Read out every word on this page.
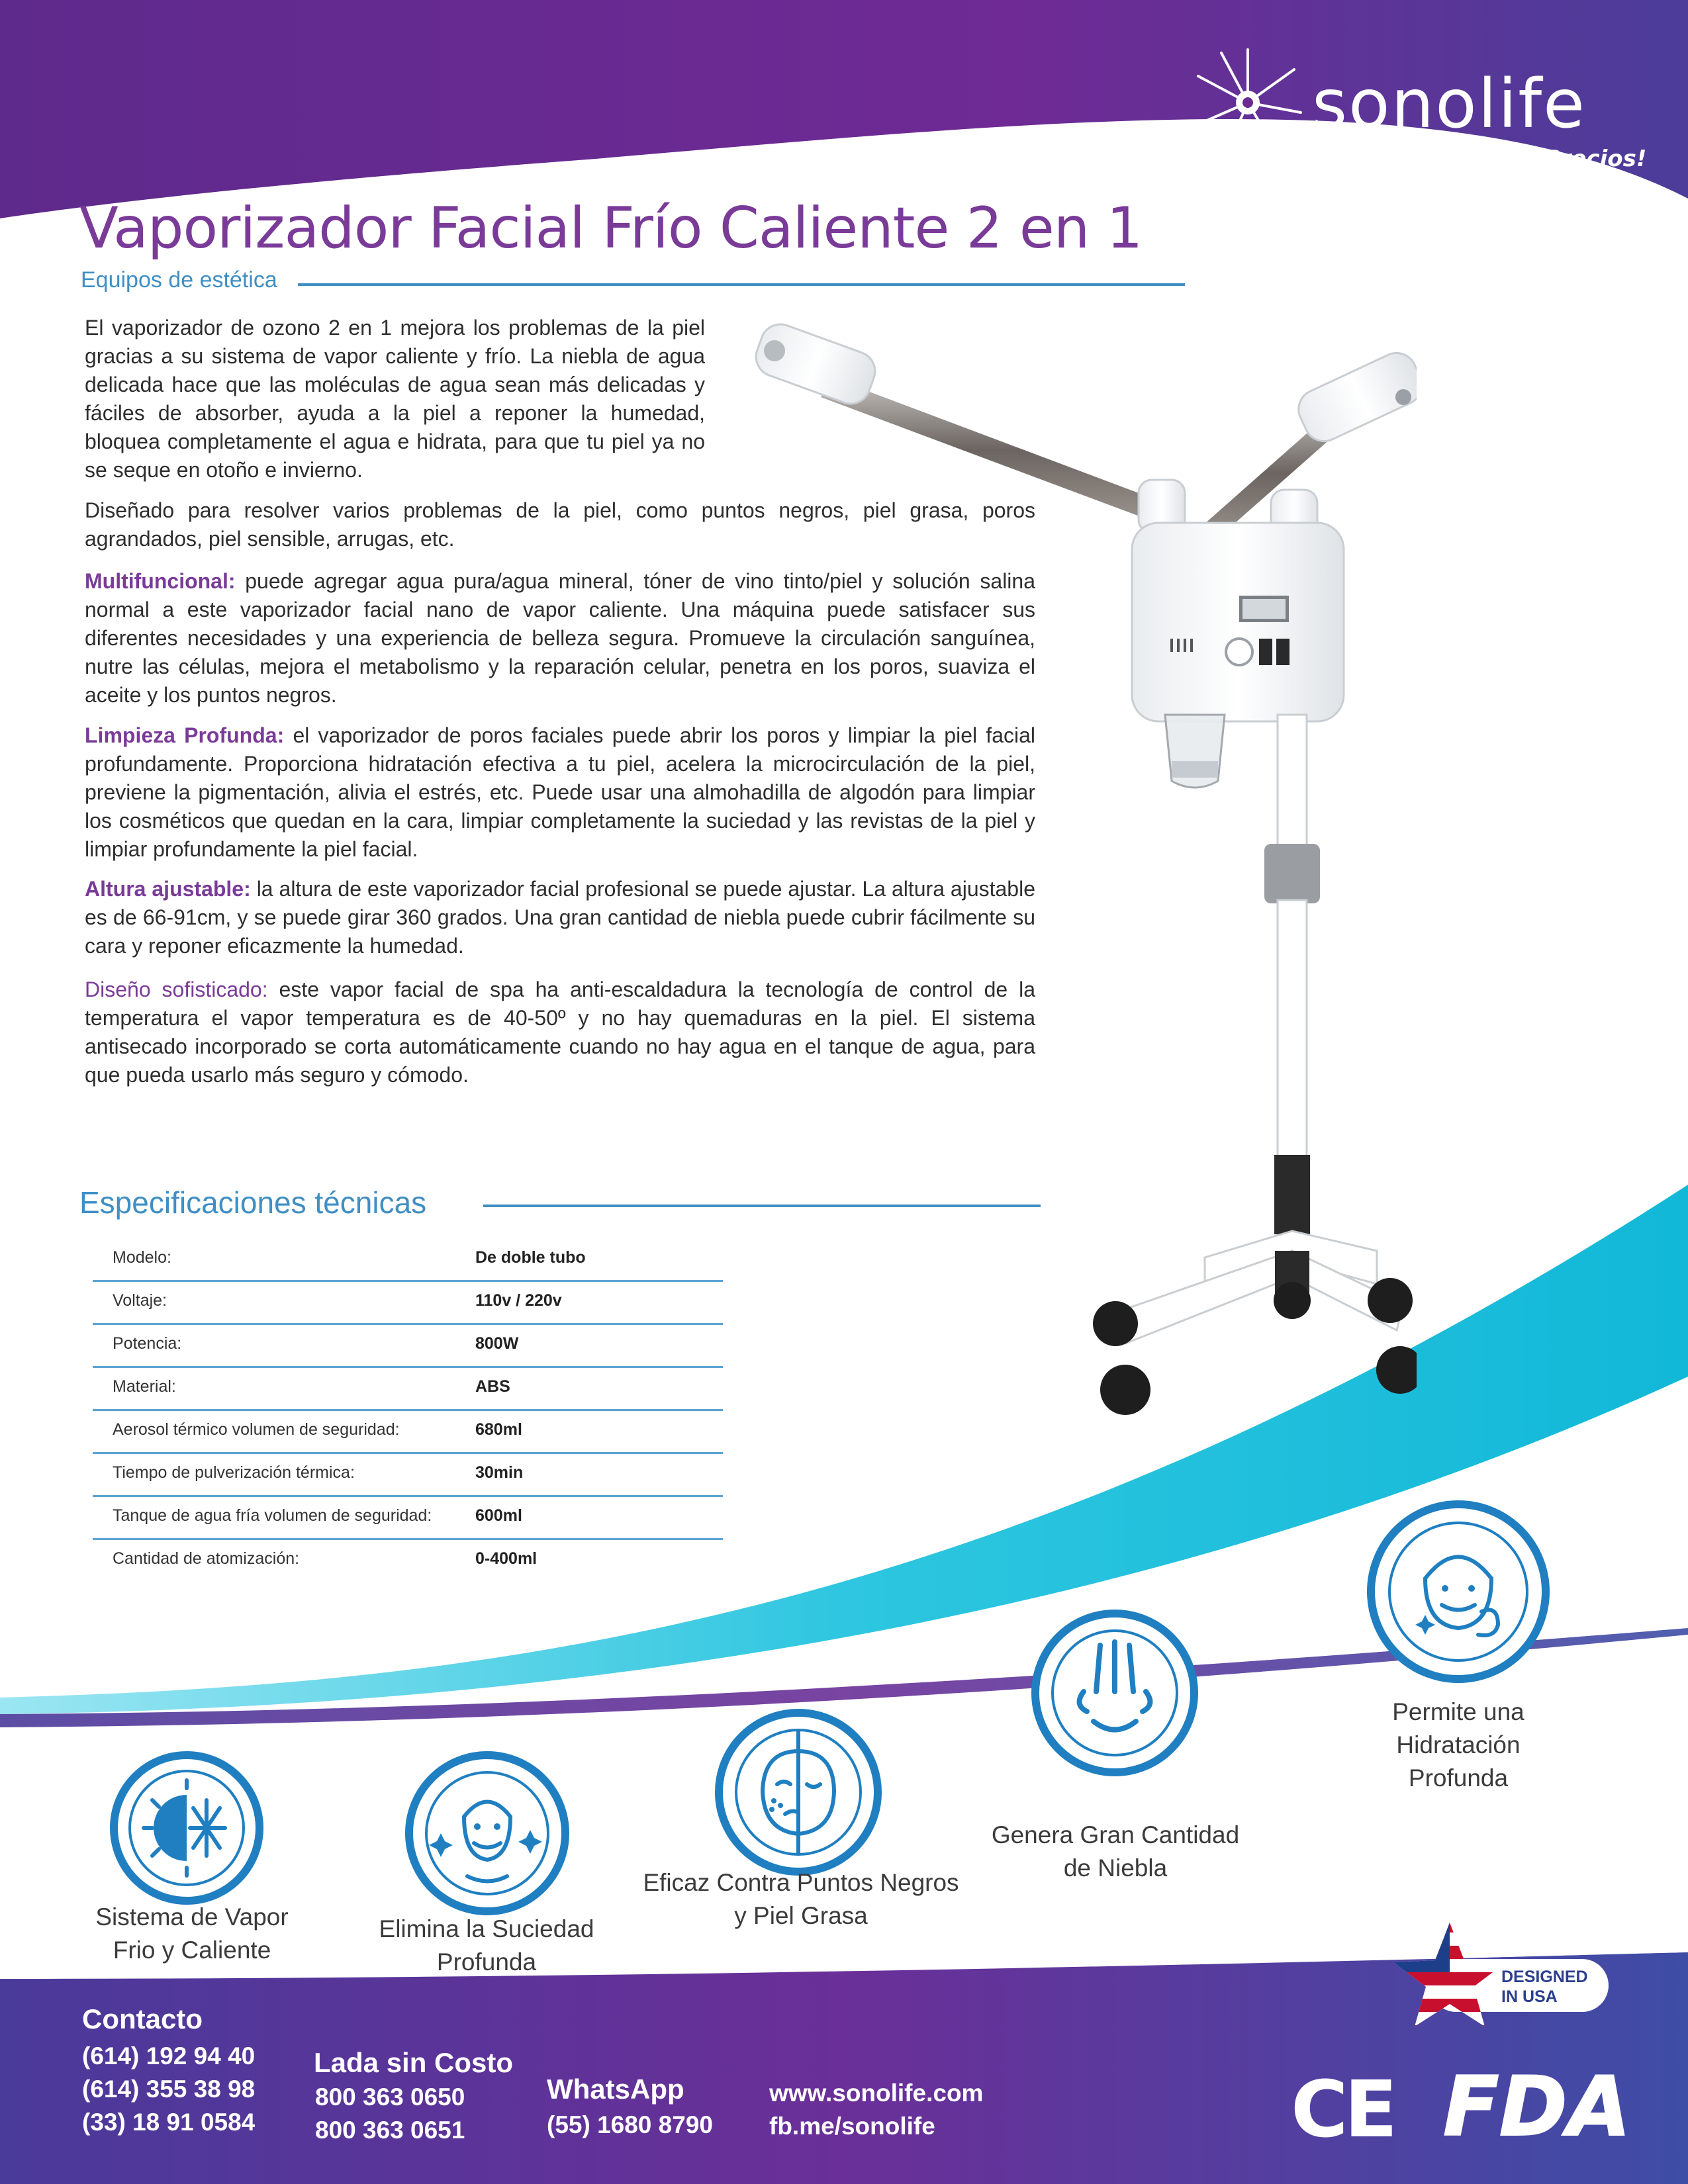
sonolife
···· ¡Número 1 en Precios!
Vaporizador Facial Frío Caliente 2 en 1
Equipos de estética
El vaporizador de ozono 2 en 1 mejora los problemas de la piel gracias a su sistema de vapor caliente y frío. La niebla de agua delicada hace que las moléculas de agua sean más delicadas y fáciles de absorber, ayuda a la piel a reponer la humedad, bloquea completamente el agua e hidrata, para que tu piel ya no se seque en otoño e invierno.
Diseñado para resolver varios problemas de la piel, como puntos negros, piel grasa, poros agrandados, piel sensible, arrugas, etc.
Multifuncional: puede agregar agua pura/agua mineral, tóner de vino tinto/piel y solución salina normal a este vaporizador facial nano de vapor caliente. Una máquina puede satisfacer sus diferentes necesidades y una experiencia de belleza segura. Promueve la circulación sanguínea, nutre las células, mejora el metabolismo y la reparación celular, penetra en los poros, suaviza el aceite y los puntos negros.
Limpieza Profunda: el vaporizador de poros faciales puede abrir los poros y limpiar la piel facial profundamente. Proporciona hidratación efectiva a tu piel, acelera la microcirculación de la piel, previene la pigmentación, alivia el estrés, etc. Puede usar una almohadilla de algodón para limpiar los cosméticos que quedan en la cara, limpiar completamente la suciedad y las revistas de la piel y limpiar profundamente la piel facial.
Altura ajustable: la altura de este vaporizador facial profesional se puede ajustar. La altura ajustable es de 66-91cm, y se puede girar 360 grados. Una gran cantidad de niebla puede cubrir fácilmente su cara y reponer eficazmente la humedad.
Diseño sofisticado: este vapor facial de spa ha anti-escaldadura la tecnología de control de la temperatura el vapor temperatura es de 40-50º y no hay quemaduras en la piel. El sistema antisecado incorporado se corta automáticamente cuando no hay agua en el tanque de agua, para que pueda usarlo más seguro y cómodo.
Especificaciones técnicas
Modelo:	De doble tubo
Voltaje:	110v / 220v
Potencia:	800W
Material:	ABS
Aerosol térmico volumen de seguridad:	680ml
Tiempo de pulverización térmica:	30min
Tanque de agua fría volumen de seguridad:	600ml
Cantidad de atomización:	0-400ml
Sistema de Vapor
Frio y Caliente
Elimina la Suciedad
Profunda
Eficaz Contra Puntos Negros
y Piel Grasa
Genera Gran Cantidad
de Niebla
Permite una
Hidratación
Profunda
DESIGNED
IN USA
CE FDA
Contacto
(614) 192 94 40
(614) 355 38 98
(33) 18 91 0584
Lada sin Costo
800 363 0650
800 363 0651
WhatsApp
(55) 1680 8790
www.sonolife.com
fb.me/sonolife
